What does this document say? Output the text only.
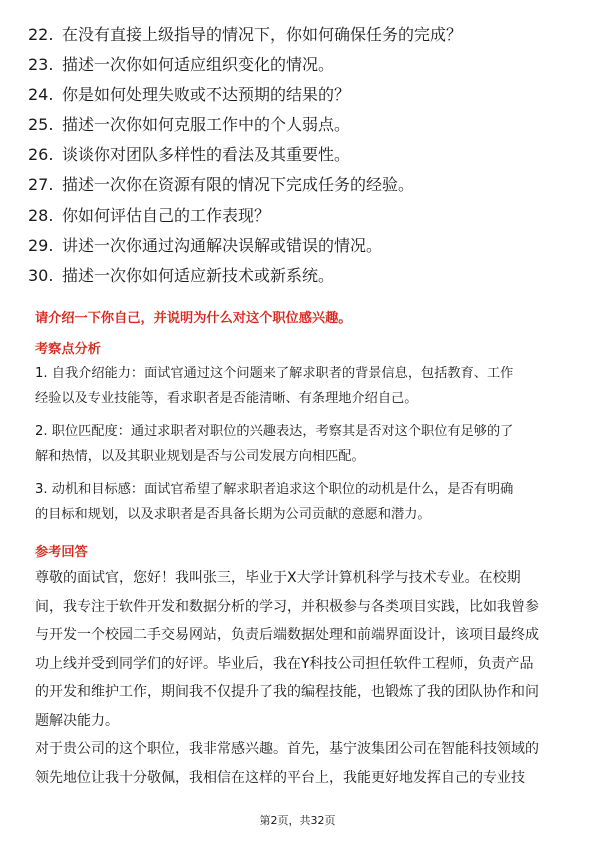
22. 在没有直接上级指导的情况下，你如何确保任务的完成？
23. 描述一次你如何适应组织变化的情况。
24. 你是如何处理失败或不达预期的结果的？
25. 描述一次你如何克服工作中的个人弱点。
26. 谈谈你对团队多样性的看法及其重要性。
27. 描述一次你在资源有限的情况下完成任务的经验。
28. 你如何评估自己的工作表现？
29. 讲述一次你通过沟通解决误解或错误的情况。
30. 描述一次你如何适应新技术或新系统。
请介绍一下你自己，并说明为什么对这个职位感兴趣。
考察点分析
1. 自我介绍能力：面试官通过这个问题来了解求职者的背景信息，包括教育、工作
经验以及专业技能等，看求职者是否能清晰、有条理地介绍自己。
2. 职位匹配度：通过求职者对职位的兴趣表达，考察其是否对这个职位有足够的了
解和热情，以及其职业规划是否与公司发展方向相匹配。
3. 动机和目标感：面试官希望了解求职者追求这个职位的动机是什么，是否有明确
的目标和规划，以及求职者是否具备长期为公司贡献的意愿和潜力。
参考回答
尊敬的面试官，您好！我叫张三，毕业于X大学计算机科学与技术专业。在校期
间，我专注于软件开发和数据分析的学习，并积极参与各类项目实践，比如我曾参
与开发一个校园二手交易网站，负责后端数据处理和前端界面设计，该项目最终成
功上线并受到同学们的好评。毕业后，我在Y科技公司担任软件工程师，负责产品
的开发和维护工作，期间我不仅提升了我的编程技能，也锻炼了我的团队协作和问
题解决能力。
对于贵公司的这个职位，我非常感兴趣。首先，基宁波集团公司在智能科技领域的
领先地位让我十分敬佩，我相信在这样的平台上，我能更好地发挥自己的专业技
第2页，共32页
